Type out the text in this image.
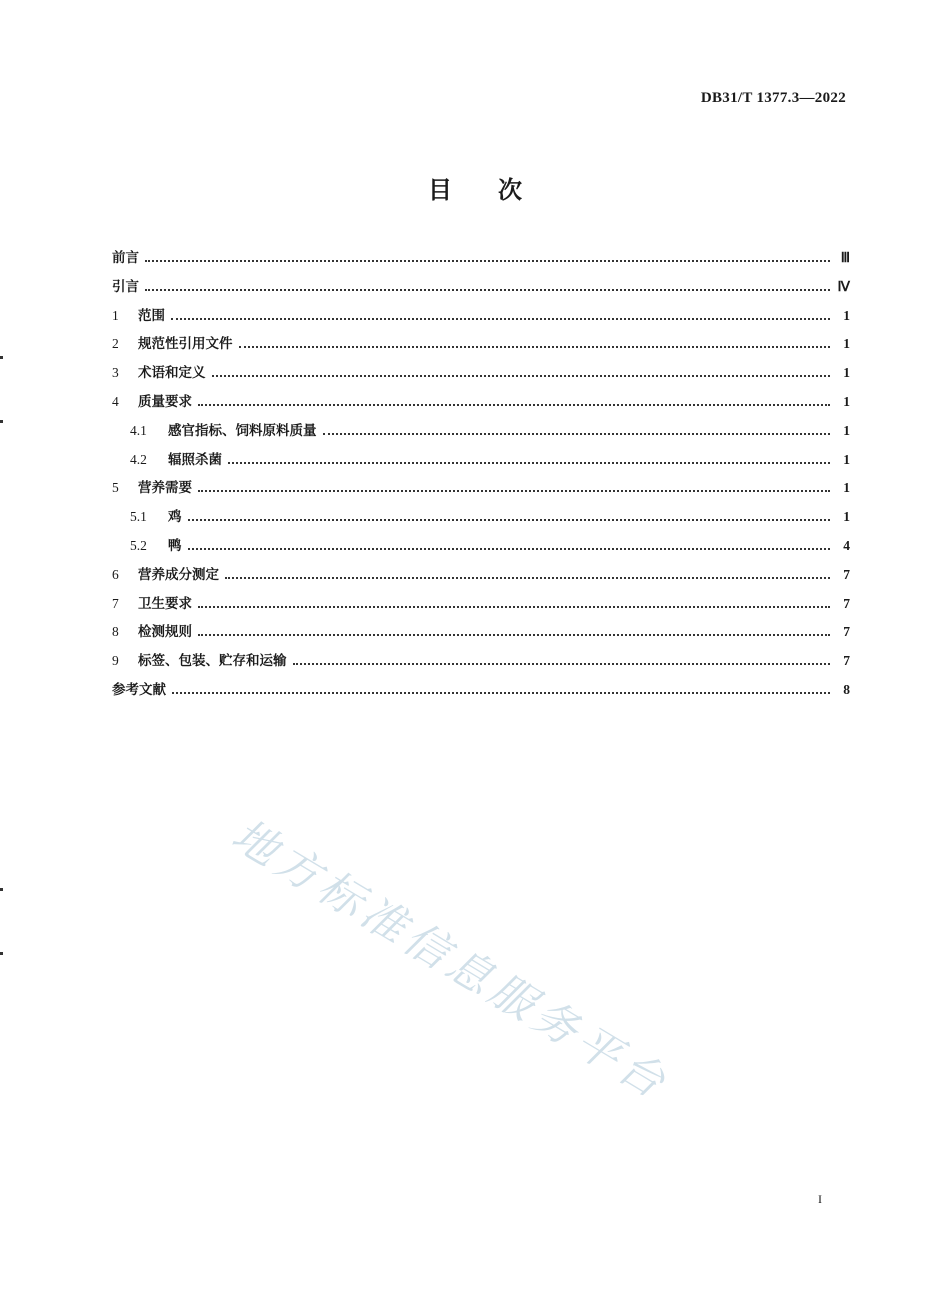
DB31/T 1377.3—2022
目次
前言	Ⅲ
引言	Ⅳ
1	范围	1
2	规范性引用文件	1
3	术语和定义	1
4	质量要求	1
4.1	感官指标、饲料原料质量	1
4.2	辐照杀菌	1
5	营养需要	1
5.1	鸡	1
5.2	鸭	4
6	营养成分测定	7
7	卫生要求	7
8	检测规则	7
9	标签、包装、贮存和运输	7
参考文献	8
地方标准信息服务平台
I
